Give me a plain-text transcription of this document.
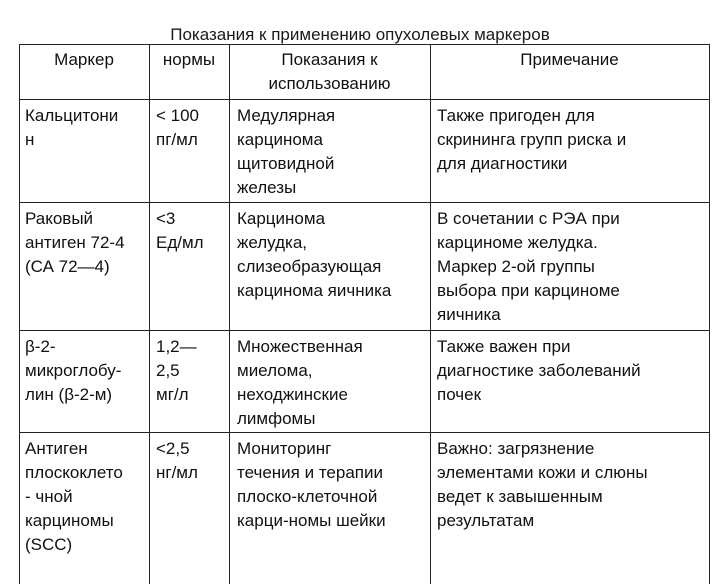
Показания к применению опухолевых маркеров
Маркер	нормы	Показания к
использованию
Примечание
Кальцитони
н
< 100
пг/мл
Медулярная
карцинома
щитовидной
железы
Также пригоден для
скрининга групп риска и
для диагностики
Раковый
антиген 72-4
(СА 72—4)
<3
Ед/мл
Карцинома
желудка,
слизеобразующая
карцинома яичника
В сочетании с РЭА при
карциноме желудка.
Маркер 2-ой группы
выбора при карциноме
яичника
β-2-
микроглобу-
лин (β-2-м)
1,2—
2,5
мг/л
Множественная
миелома,
неходжинские
лимфомы
Также важен при
диагностике заболеваний
почек
Антиген
плоскоклето
- чной
карциномы
(SCC)
<2,5
нг/мл
Мониторинг
течения и терапии
плоско-клеточной
карци-номы шейки
Важно: загрязнение
элементами кожи и слюны
ведет к завышенным
результатам
